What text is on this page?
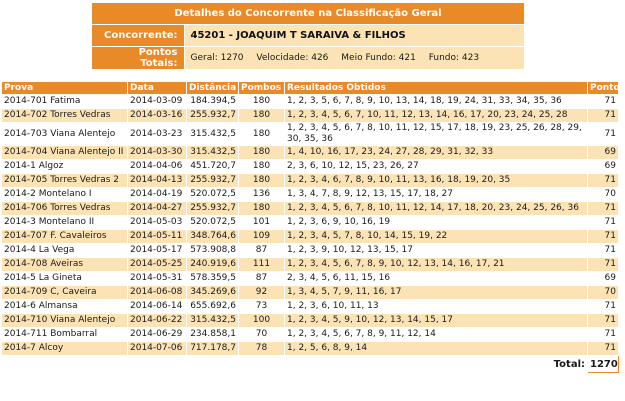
Detalhes do Concorrente na Classificação Geral	
Concorrente:	45201 - JOAQUIM T SARAIVA & FILHOS
Pontos Totais:	Geral: 1270 Velocidade: 426 Meio Fundo: 421 Fundo: 423
Prova	Data	Distância	Pombos	Resultados Obtidos	Pontos
2014-701 Fatima	2014-03-09	184.394,5	180	1, 2, 3, 5, 6, 7, 8, 9, 10, 13, 14, 18, 19, 24, 31, 33, 34, 35, 36	71
2014-702 Torres Vedras	2014-03-16	255.932,7	180	1, 2, 3, 4, 5, 6, 7, 10, 11, 12, 13, 14, 16, 17, 20, 23, 24, 25, 28	71
2014-703 Viana Alentejo	2014-03-23	315.432,5	180	1, 2, 3, 4, 5, 6, 7, 8, 10, 11, 12, 15, 17, 18, 19, 23, 25, 26, 28, 29, 30, 35, 36	71
2014-704 Viana Alentejo II	2014-03-30	315.432,5	180	1, 4, 10, 16, 17, 23, 24, 27, 28, 29, 31, 32, 33	69
2014-1 Algoz	2014-04-06	451.720,7	180	2, 3, 6, 10, 12, 15, 23, 26, 27	69
2014-705 Torres Vedras 2	2014-04-13	255.932,7	180	1, 2, 3, 4, 6, 7, 8, 9, 10, 11, 13, 16, 18, 19, 20, 35	71
2014-2 Montelano I	2014-04-19	520.072,5	136	1, 3, 4, 7, 8, 9, 12, 13, 15, 17, 18, 27	70
2014-706 Torres Vedras	2014-04-27	255.932,7	180	1, 2, 3, 4, 5, 6, 7, 8, 10, 11, 12, 14, 17, 18, 20, 23, 24, 25, 26, 36	71
2014-3 Montelano II	2014-05-03	520.072,5	101	1, 2, 3, 6, 9, 10, 16, 19	71
2014-707 F. Cavaleiros	2014-05-11	348.764,6	109	1, 2, 3, 4, 5, 7, 8, 10, 14, 15, 19, 22	71
2014-4 La Vega	2014-05-17	573.908,8	87	1, 2, 3, 9, 10, 12, 13, 15, 17	71
2014-708 Aveiras	2014-05-25	240.919,6	111	1, 2, 3, 4, 5, 6, 7, 8, 9, 10, 12, 13, 14, 16, 17, 21	71
2014-5 La Gineta	2014-05-31	578.359,5	87	2, 3, 4, 5, 6, 11, 15, 16	69
2014-709 C, Caveira	2014-06-08	345.269,6	92	1, 3, 4, 5, 7, 9, 11, 16, 17	70
2014-6 Almansa	2014-06-14	655.692,6	73	1, 2, 3, 6, 10, 11, 13	71
2014-710 Viana Alentejo	2014-06-22	315.432,5	100	1, 2, 3, 4, 5, 9, 10, 12, 13, 14, 15, 17	71
2014-711 Bombarral	2014-06-29	234.858,1	70	1, 2, 3, 4, 5, 6, 7, 8, 9, 11, 12, 14	71
2014-7 Alcoy	2014-07-06	717.178,7	78	1, 2, 5, 6, 8, 9, 14	71
Total:					1270
